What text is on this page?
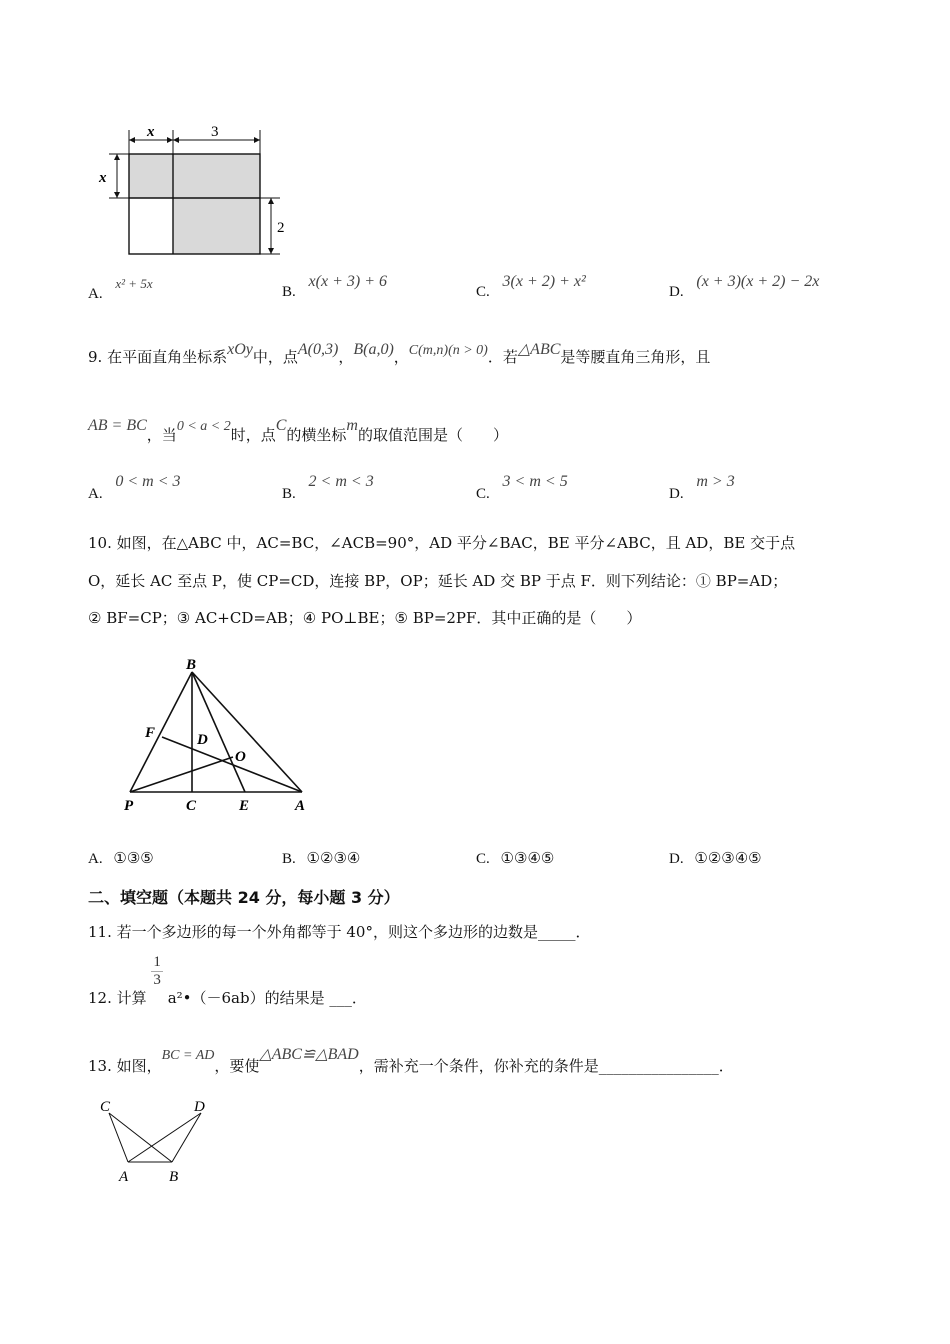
x	3
x
2
A. x² + 5x
B. x(x + 3) + 6
C. 3(x + 2) + x²
D. (x + 3)(x + 2) − 2x
9. 在平面直角坐标系xOy中，点A(0,3)，B(a,0)，C(m,n)(n > 0)．若△ABC是等腰直角三角形，且
AB = BC，当0 < a < 2时，点C的横坐标m的取值范围是（　　）
A. 0 < m < 3
B. 2 < m < 3
C. 3 < m < 5
D. m > 3
10. 如图，在△ABC 中，AC=BC，∠ACB=90°，AD 平分∠BAC，BE 平分∠ABC，且 AD，BE 交于点
O，延长 AC 至点 P，使 CP=CD，连接 BP，OP；延长 AD 交 BP 于点 F．则下列结论：① BP=AD；
② BF=CP；③ AC+CD=AB；④ PO⊥BE；⑤ BP=2PF．其中正确的是（　　）
B
F	D
O
P	C	E	A
A. ①③⑤	B. ①②③④	C. ①③④⑤	D. ①②③④⑤
二、填空题（本题共 24 分，每小题 3 分）
11. 若一个多边形的每一个外角都等于 40°，则这个多边形的边数是_____．
12. 计算
$\frac{1}{3}$
a²•（－6ab）的结果是 ___．
13. 如图，BC = AD，要使△ABC≌△BAD，需补充一个条件，你补充的条件是________________．
C	D
A	B
